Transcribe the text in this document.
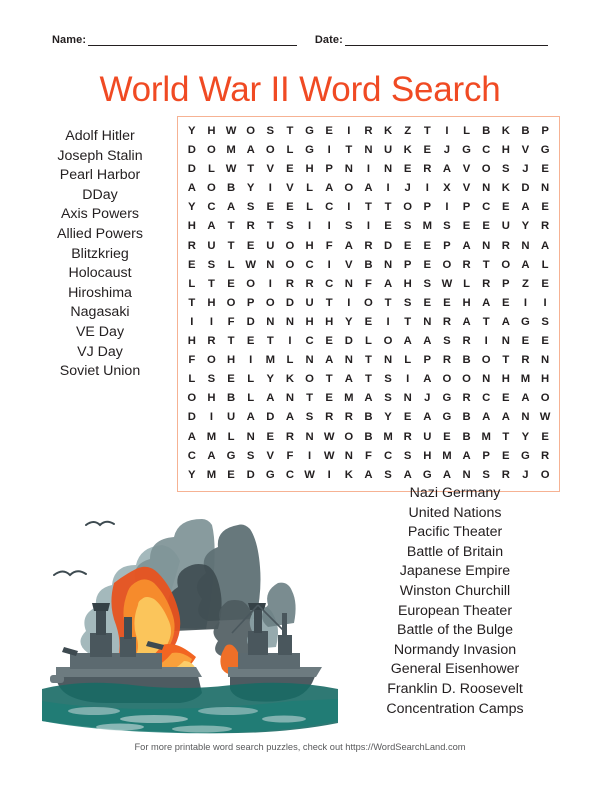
Name:	Date:
World War II Word Search
Adolf Hitler
Joseph Stalin
Pearl Harbor
DDay
Axis Powers
Allied Powers
Blitzkrieg
Holocaust
Hiroshima
Nagasaki
VE Day
VJ Day
Soviet Union
Y	H	W	O	S	T	G	E	I	R	K	Z	T	I	L	B	K	B	P
D	O	M	A	O	L	G	I	T	N	U	K	E	J	G	C	H	V	G
D	L	W	T	V	E	H	P	N	I	N	E	R	A	V	O	S	J	E
A	O	B	Y	I	V	L	A	O	A	I	J	I	X	V	N	K	D	N
Y	C	A	S	E	E	L	C	I	T	T	O	P	I	P	C	E	A	E
H	A	T	R	T	S	I	I	S	I	E	S	M	S	E	E	U	Y	R
R	U	T	E	U	O	H	F	A	R	D	E	E	P	A	N	R	N	A
E	S	L	W	N	O	C	I	V	B	N	P	E	O	R	T	O	A	L
L	T	E	O	I	R	R	C	N	F	A	H	S	W	L	R	P	Z	E
T	H	O	P	O	D	U	T	I	O	T	S	E	E	H	A	E	I	I
I	I	F	D	N	N	H	H	Y	E	I	T	N	R	A	T	A	G	S
H	R	T	E	T	I	C	E	D	L	O	A	A	S	R	I	N	E	E
F	O	H	I	M	L	N	A	N	T	N	L	P	R	B	O	T	R	N
L	S	E	L	Y	K	O	T	A	T	S	I	A	O	O	N	H	M	H
O	H	B	L	A	N	T	E	M	A	S	N	J	G	R	C	E	A	O
D	I	U	A	D	A	S	R	R	B	Y	E	A	G	B	A	A	N	W
A	M	L	N	E	R	N	W	O	B	M	R	U	E	B	M	T	Y	E
C	A	G	S	V	F	I	W	N	F	C	S	H	M	A	P	E	G	R
Y	M	E	D	G	C	W	I	K	A	S	A	G	A	N	S	R	J	O
Nazi Germany
United Nations
Pacific Theater
Battle of Britain
Japanese Empire
Winston Churchill
European Theater
Battle of the Bulge
Normandy Invasion
General Eisenhower
Franklin D. Roosevelt
Concentration Camps
For more printable word search puzzles, check out https://WordSearchLand.com
